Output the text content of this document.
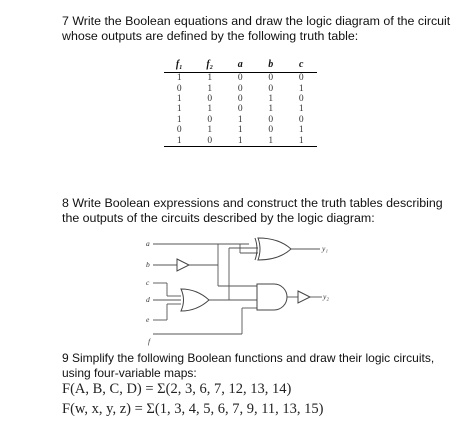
7 Write the Boolean equations and draw the logic diagram of the circuit whose outputs are defined by the following truth table:
f₁	f₂	a	b	c
1	1	0	0	0
0	1	0	0	1
1	0	0	1	0
1	1	0	1	1
1	0	1	0	0
0	1	1	0	1
1	0	1	1	1
8 Write Boolean expressions and construct the truth tables describing the outputs of the circuits described by the logic diagram:
a
b
c
d
e
f
y₁
y₂
9 Simplify the following Boolean functions and draw their logic circuits, using four-variable maps:
F(A, B, C, D) = Σ(2, 3, 6, 7, 12, 13, 14)
F(w, x, y, z) = Σ(1, 3, 4, 5, 6, 7, 9, 11, 13, 15)
